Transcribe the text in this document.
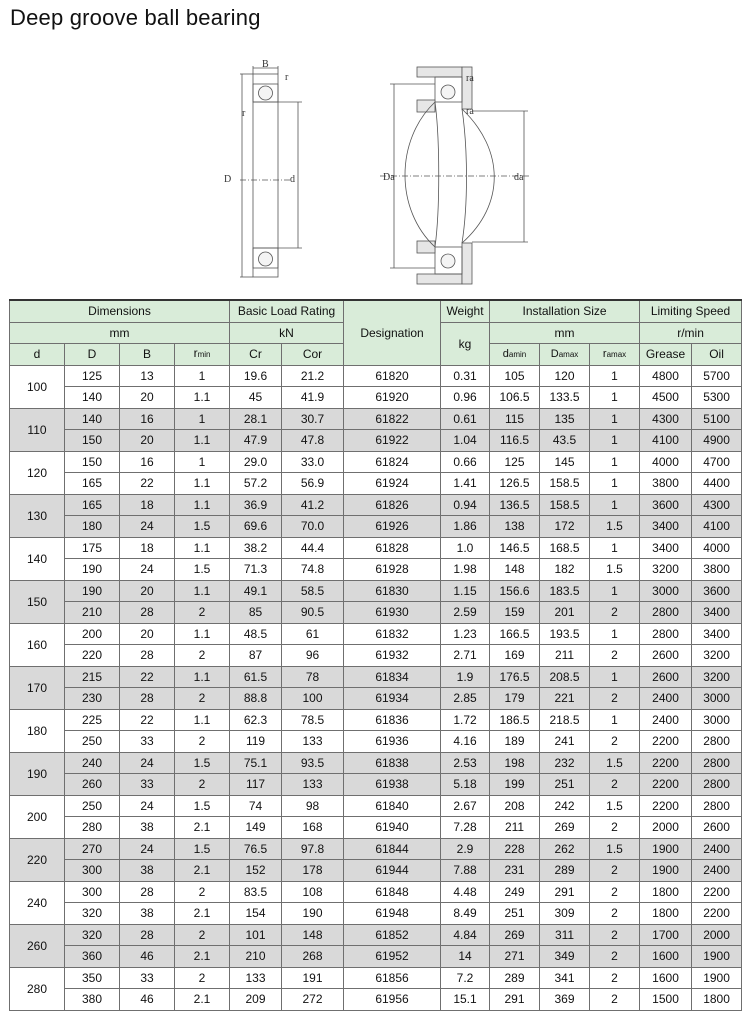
Deep groove ball bearing
B
r
r
D	d
ra
ra
Da	da
Dimensions				Basic Load Rating		Designation	Weight	Installation Size			Limiting Speed	
mm				kN			kg	mm			r/min	
d	D	B	rmin	Cr	Cor			damin	Damax	ramax	Grease	Oil
100	125	13	1	19.6	21.2	61820	0.31	105	120	1	4800	5700
	140	20	1.1	45	41.9	61920	0.96	106.5	133.5	1	4500	5300
110	140	16	1	28.1	30.7	61822	0.61	115	135	1	4300	5100
	150	20	1.1	47.9	47.8	61922	1.04	116.5	43.5	1	4100	4900
120	150	16	1	29.0	33.0	61824	0.66	125	145	1	4000	4700
	165	22	1.1	57.2	56.9	61924	1.41	126.5	158.5	1	3800	4400
130	165	18	1.1	36.9	41.2	61826	0.94	136.5	158.5	1	3600	4300
	180	24	1.5	69.6	70.0	61926	1.86	138	172	1.5	3400	4100
140	175	18	1.1	38.2	44.4	61828	1.0	146.5	168.5	1	3400	4000
	190	24	1.5	71.3	74.8	61928	1.98	148	182	1.5	3200	3800
150	190	20	1.1	49.1	58.5	61830	1.15	156.6	183.5	1	3000	3600
	210	28	2	85	90.5	61930	2.59	159	201	2	2800	3400
160	200	20	1.1	48.5	61	61832	1.23	166.5	193.5	1	2800	3400
	220	28	2	87	96	61932	2.71	169	211	2	2600	3200
170	215	22	1.1	61.5	78	61834	1.9	176.5	208.5	1	2600	3200
	230	28	2	88.8	100	61934	2.85	179	221	2	2400	3000
180	225	22	1.1	62.3	78.5	61836	1.72	186.5	218.5	1	2400	3000
	250	33	2	119	133	61936	4.16	189	241	2	2200	2800
190	240	24	1.5	75.1	93.5	61838	2.53	198	232	1.5	2200	2800
	260	33	2	117	133	61938	5.18	199	251	2	2200	2800
200	250	24	1.5	74	98	61840	2.67	208	242	1.5	2200	2800
	280	38	2.1	149	168	61940	7.28	211	269	2	2000	2600
220	270	24	1.5	76.5	97.8	61844	2.9	228	262	1.5	1900	2400
	300	38	2.1	152	178	61944	7.88	231	289	2	1900	2400
240	300	28	2	83.5	108	61848	4.48	249	291	2	1800	2200
	320	38	2.1	154	190	61948	8.49	251	309	2	1800	2200
260	320	28	2	101	148	61852	4.84	269	311	2	1700	2000
	360	46	2.1	210	268	61952	14	271	349	2	1600	1900
280	350	33	2	133	191	61856	7.2	289	341	2	1600	1900
	380	46	2.1	209	272	61956	15.1	291	369	2	1500	1800
